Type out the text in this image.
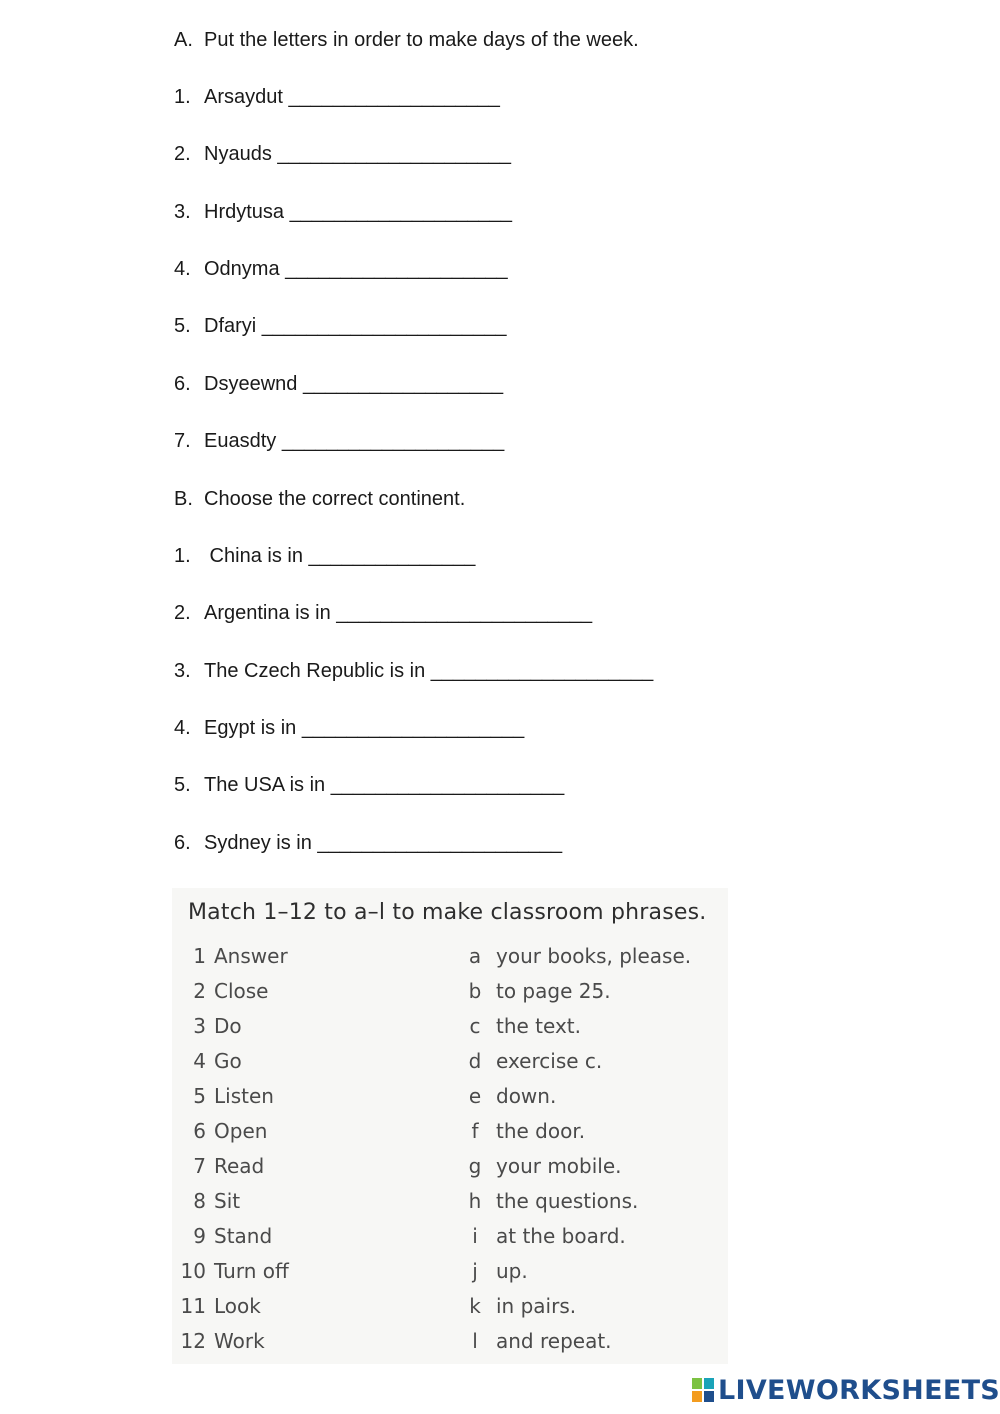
A. Put the letters in order to make days of the week.
1. Arsaydut ___________________
2. Nyauds _____________________
3. Hrdytusa ____________________
4. Odnyma ____________________
5. Dfaryi ______________________
6. Dsyeewnd __________________
7. Euasdty ____________________
B. Choose the correct continent.
1. China is in _______________
2. Argentina is in _______________________
3. The Czech Republic is in ____________________
4. Egypt is in ____________________
5. The USA is in _____________________
6. Sydney is in ______________________
Match 1–12 to a–l to make classroom phrases.
1 Answer	a your books, please.
2 Close	b to page 25.
3 Do	c the text.
4 Go	d exercise c.
5 Listen	e down.
6 Open	f the door.
7 Read	g your mobile.
8 Sit	h the questions.
9 Stand	i at the board.
10 Turn off	j up.
11 Look	k in pairs.
12 Work	l and repeat.
LIVEWORKSHEETS
